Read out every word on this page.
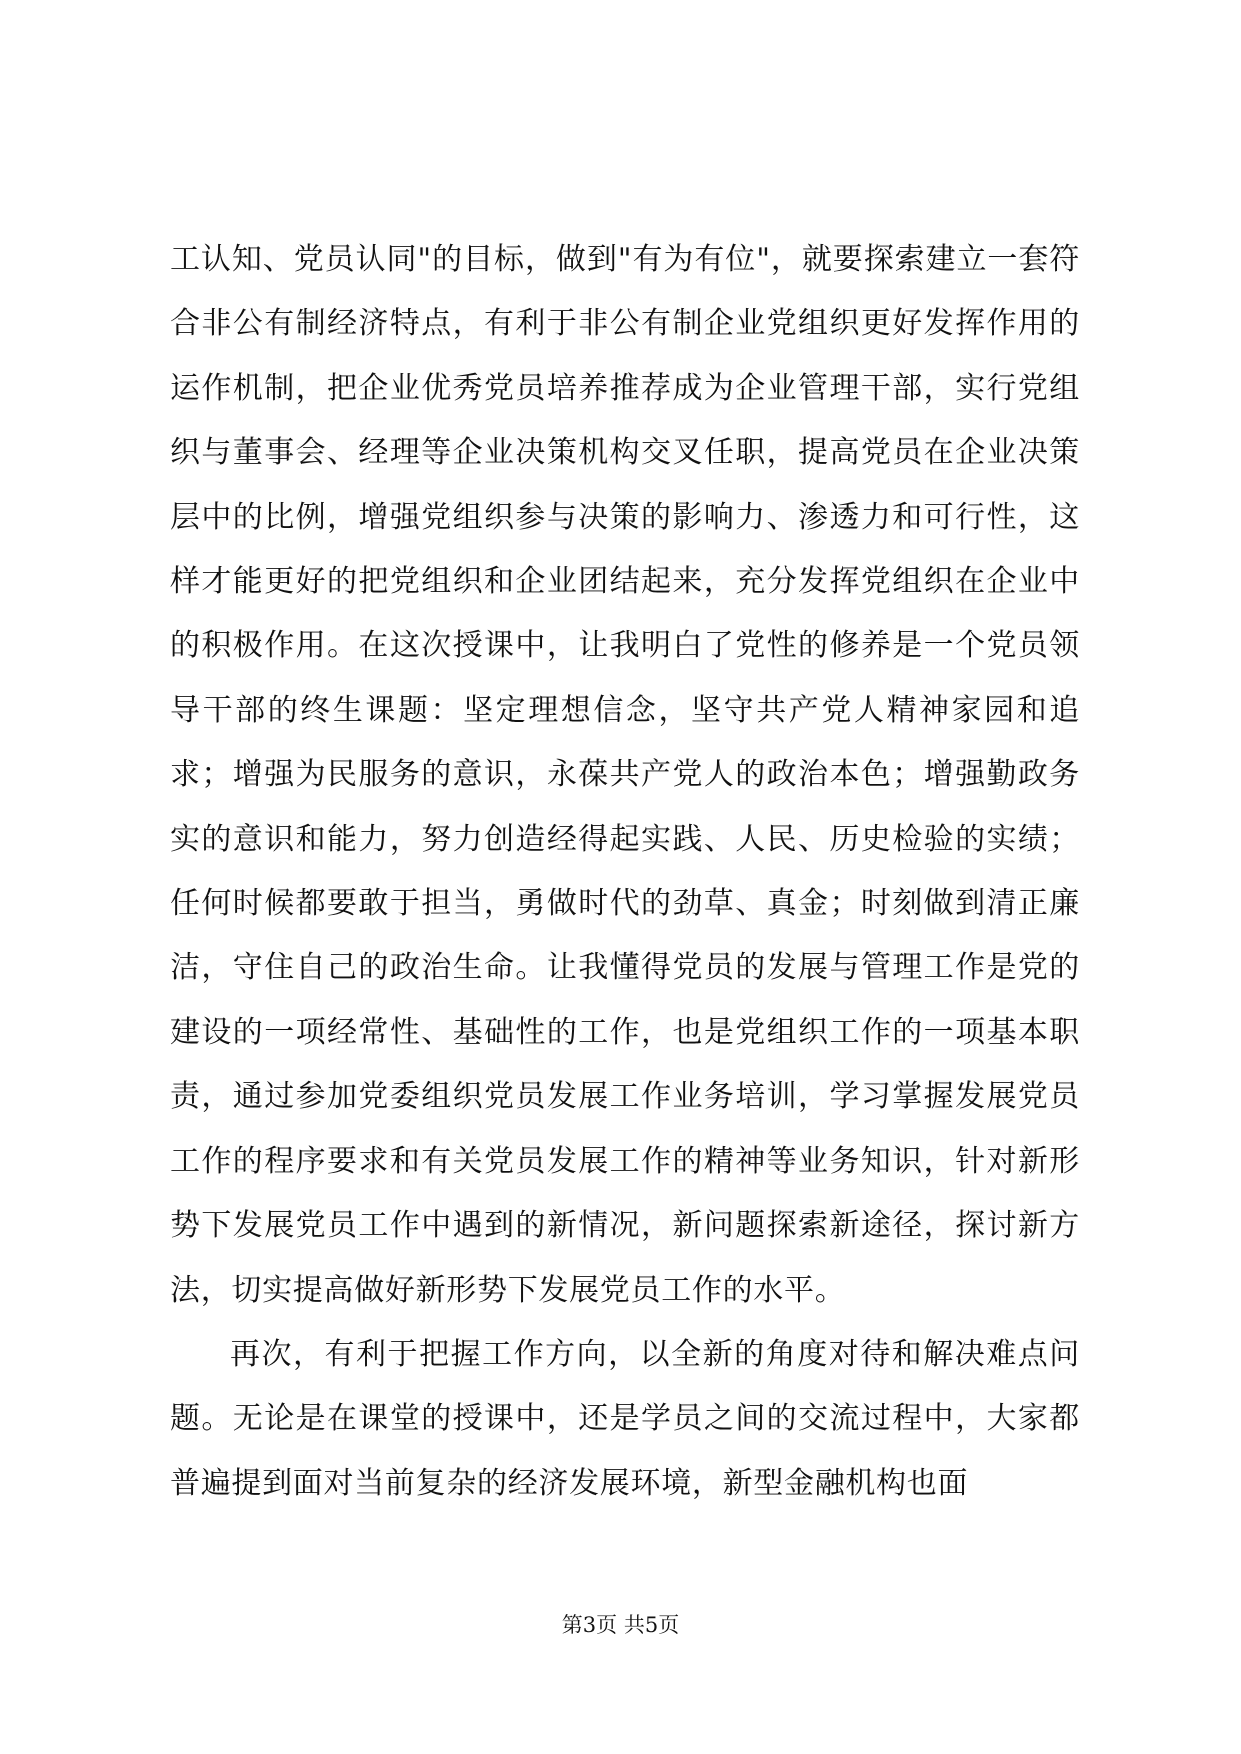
工认知、党员认同"的目标，做到"有为有位"，就要探索建立一套符合非公有制经济特点，有利于非公有制企业党组织更好发挥作用的运作机制，把企业优秀党员培养推荐成为企业管理干部，实行党组织与董事会、经理等企业决策机构交叉任职，提高党员在企业决策层中的比例，增强党组织参与决策的影响力、渗透力和可行性，这样才能更好的把党组织和企业团结起来，充分发挥党组织在企业中的积极作用。在这次授课中，让我明白了党性的修养是一个党员领导干部的终生课题：坚定理想信念，坚守共产党人精神家园和追求；增强为民服务的意识，永葆共产党人的政治本色；增强勤政务实的意识和能力，努力创造经得起实践、人民、历史检验的实绩；任何时候都要敢于担当，勇做时代的劲草、真金；时刻做到清正廉洁，守住自己的政治生命。让我懂得党员的发展与管理工作是党的建设的一项经常性、基础性的工作，也是党组织工作的一项基本职责，通过参加党委组织党员发展工作业务培训，学习掌握发展党员工作的程序要求和有关党员发展工作的精神等业务知识，针对新形势下发展党员工作中遇到的新情况，新问题探索新途径，探讨新方法，切实提高做好新形势下发展党员工作的水平。

再次，有利于把握工作方向，以全新的角度对待和解决难点问题。无论是在课堂的授课中，还是学员之间的交流过程中，大家都普遍提到面对当前复杂的经济发展环境，新型金融机构也面

第3页 共5页
